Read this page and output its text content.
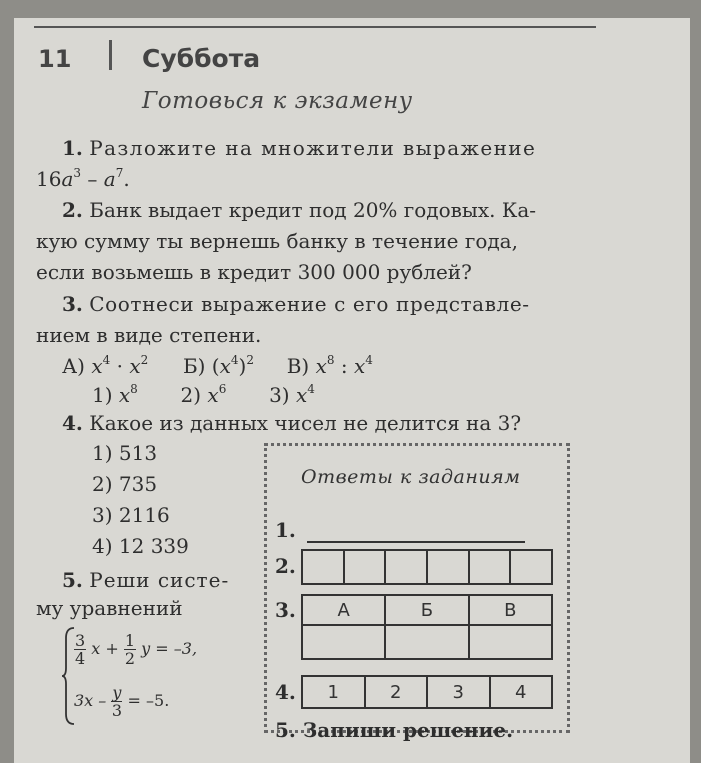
11	Суббота
Готовься к экзамену
1. Разложите на множители выражение
$16a^3 - a^7$.
2. Банк выдает кредит под 20% годовых. Ка-
кую сумму ты вернешь банку в течение года,
если возьмешь в кредит 300 000 рублей?
3. Соотнеси выражение с его представле-
нием в виде степени.
А) $x^4 \cdot x^2$ Б) $(x^4)^2$ В) $x^8$ : $x^4$
1) $x^8$ 2) $x^6$ 3) $x^4$
4. Какое из данных чисел не делится на 3?
1) 513
2) 735
3) 2116
4) 12 339
5. Реши систе-
му уравнений
$\frac{3}{4}$ $x + \frac{1}{2}$ y = –3,
$3x - \frac{y}{3} = -5$.
Ответы к заданиям
1.
2.

3. А	Б	В

4. 1	2	3	4
5. Запиши решение.
